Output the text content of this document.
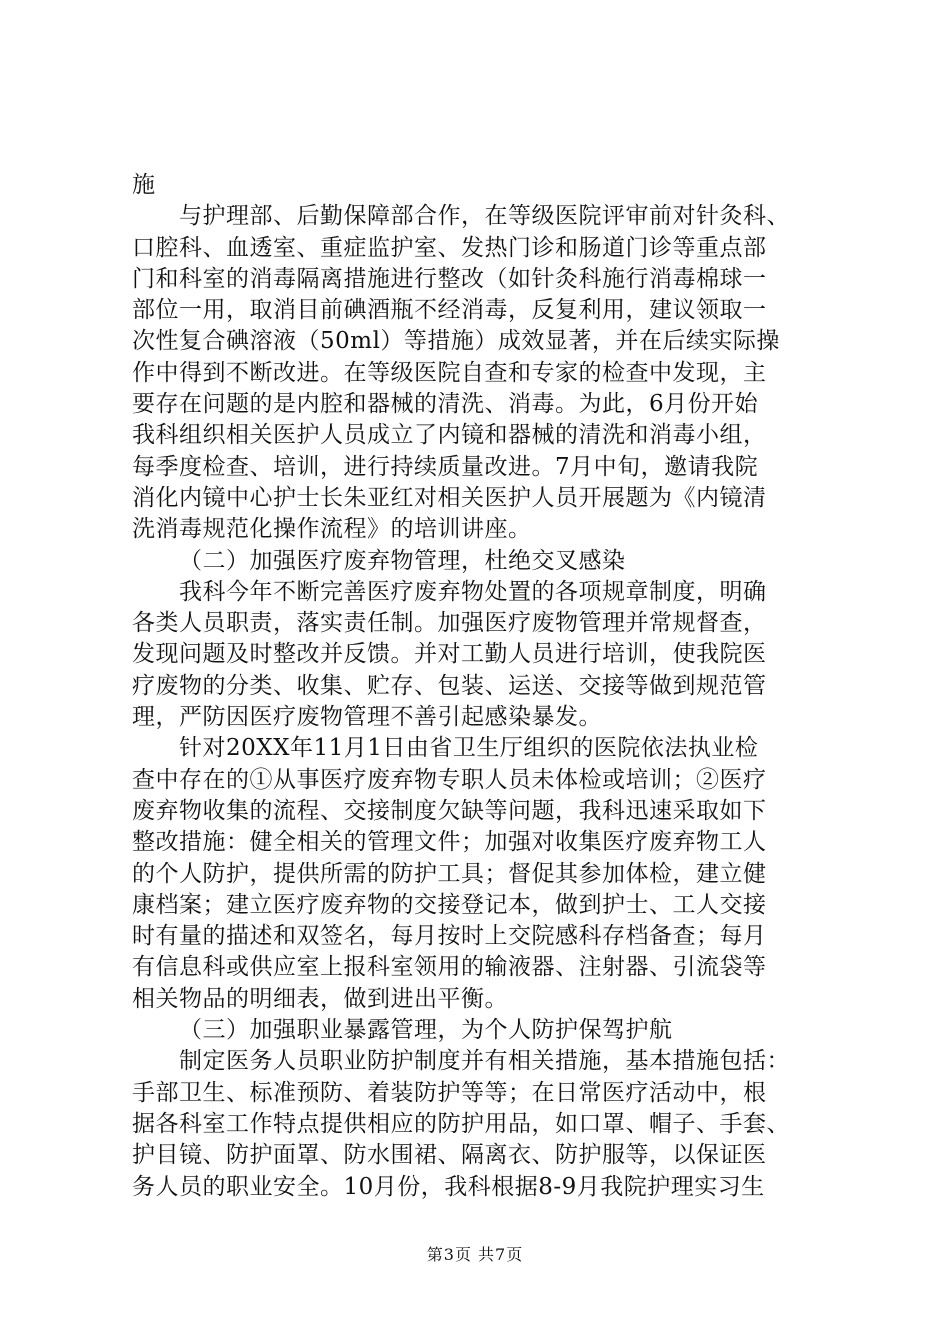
施
与护理部、后勤保障部合作，在等级医院评审前对针灸科、
口腔科、血透室、重症监护室、发热门诊和肠道门诊等重点部
门和科室的消毒隔离措施进行整改（如针灸科施行消毒棉球一
部位一用，取消目前碘酒瓶不经消毒，反复利用，建议领取一
次性复合碘溶液（50ml）等措施）成效显著，并在后续实际操
作中得到不断改进。在等级医院自查和专家的检查中发现，主
要存在问题的是内腔和器械的清洗、消毒。为此，6月份开始
我科组织相关医护人员成立了内镜和器械的清洗和消毒小组，
每季度检查、培训，进行持续质量改进。7月中旬，邀请我院
消化内镜中心护士长朱亚红对相关医护人员开展题为《内镜清
洗消毒规范化操作流程》的培训讲座。
（二）加强医疗废弃物管理，杜绝交叉感染
我科今年不断完善医疗废弃物处置的各项规章制度，明确
各类人员职责，落实责任制。加强医疗废物管理并常规督查，
发现问题及时整改并反馈。并对工勤人员进行培训，使我院医
疗废物的分类、收集、贮存、包装、运送、交接等做到规范管
理，严防因医疗废物管理不善引起感染暴发。
针对20XX年11月1日由省卫生厅组织的医院依法执业检
查中存在的①从事医疗废弃物专职人员未体检或培训；②医疗
废弃物收集的流程、交接制度欠缺等问题，我科迅速采取如下
整改措施：健全相关的管理文件；加强对收集医疗废弃物工人
的个人防护，提供所需的防护工具；督促其参加体检，建立健
康档案；建立医疗废弃物的交接登记本，做到护士、工人交接
时有量的描述和双签名，每月按时上交院感科存档备查；每月
有信息科或供应室上报科室领用的输液器、注射器、引流袋等
相关物品的明细表，做到进出平衡。
（三）加强职业暴露管理，为个人防护保驾护航
制定医务人员职业防护制度并有相关措施，基本措施包括：
手部卫生、标准预防、着装防护等等；在日常医疗活动中，根
据各科室工作特点提供相应的防护用品，如口罩、帽子、手套、
护目镜、防护面罩、防水围裙、隔离衣、防护服等，以保证医
务人员的职业安全。10月份，我科根据8-9月我院护理实习生
第3页 共7页
